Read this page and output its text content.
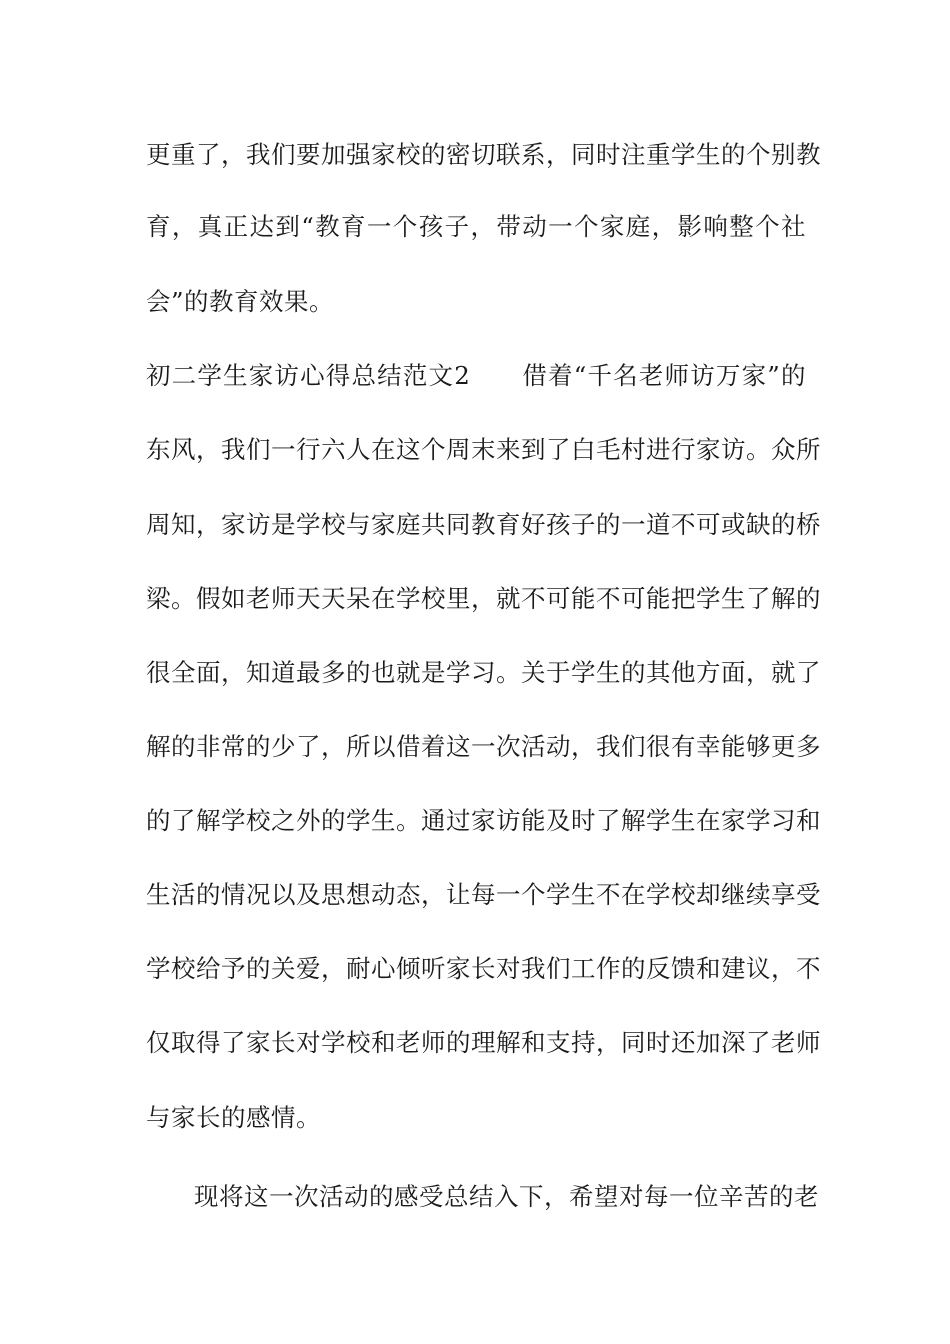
更重了，我们要加强家校的密切联系，同时注重学生的个别教
育，真正达到“教育一个孩子，带动一个家庭，影响整个社
会”的教育效果。
初二学生家访心得总结范文2　　借着“千名老师访万家”的
东风，我们一行六人在这个周末来到了白毛村进行家访。众所
周知，家访是学校与家庭共同教育好孩子的一道不可或缺的桥
梁。假如老师天天呆在学校里，就不可能不可能把学生了解的
很全面，知道最多的也就是学习。关于学生的其他方面，就了
解的非常的少了，所以借着这一次活动，我们很有幸能够更多
的了解学校之外的学生。通过家访能及时了解学生在家学习和
生活的情况以及思想动态，让每一个学生不在学校却继续享受
学校给予的关爱，耐心倾听家长对我们工作的反馈和建议，不
仅取得了家长对学校和老师的理解和支持，同时还加深了老师
与家长的感情。
现将这一次活动的感受总结入下，希望对每一位辛苦的老
